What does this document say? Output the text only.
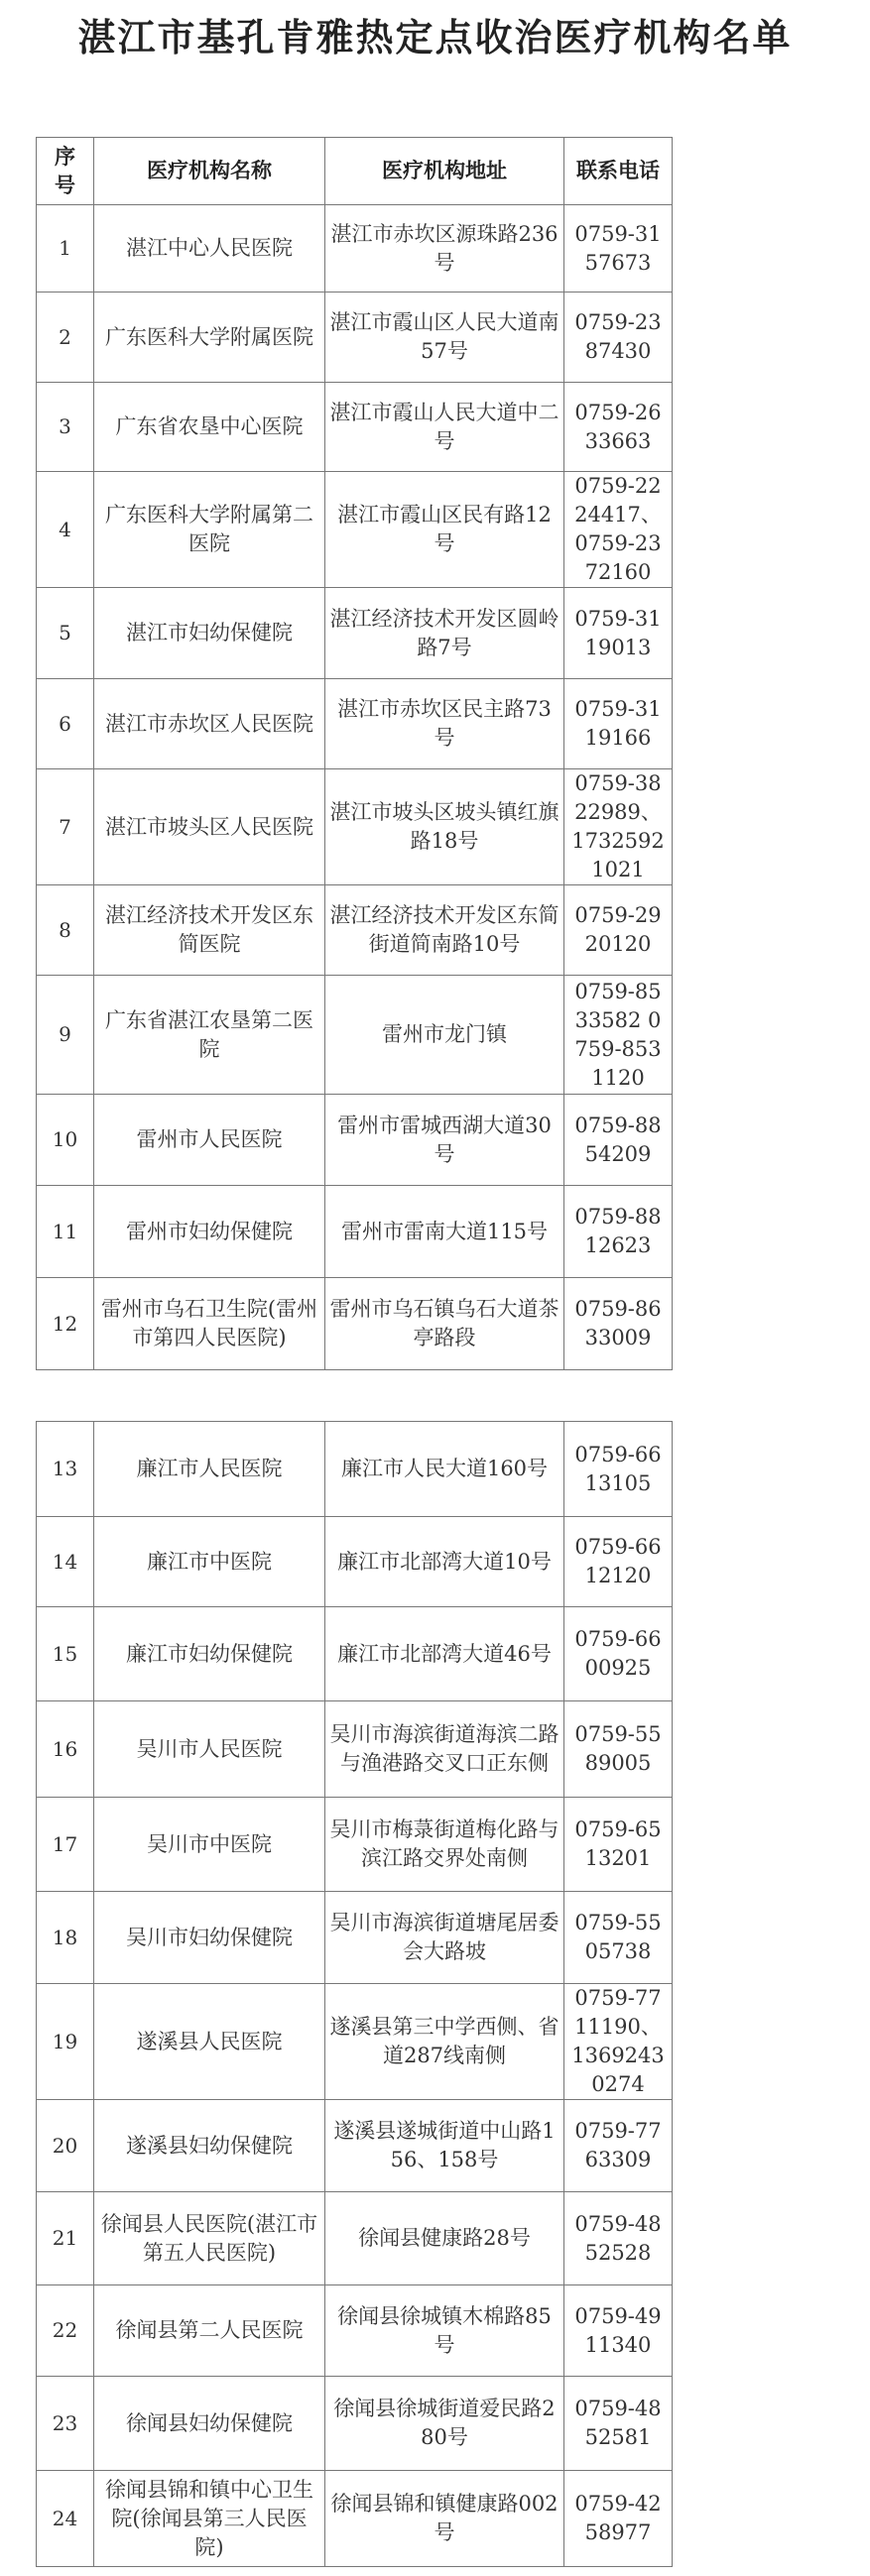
湛江市基孔肯雅热定点收治医疗机构名单
序号	医疗机构名称	医疗机构地址	联系电话
1	湛江中心人民医院	湛江市赤坎区源珠路236号	0759-3157673
2	广东医科大学附属医院	湛江市霞山区人民大道南57号	0759-2387430
3	广东省农垦中心医院	湛江市霞山人民大道中二号	0759-2633663
4	广东医科大学附属第二医院	湛江市霞山区民有路12号	0759-2224417、0759-2372160
5	湛江市妇幼保健院	湛江经济技术开发区圆岭路7号	0759-3119013
6	湛江市赤坎区人民医院	湛江市赤坎区民主路73号	0759-3119166
7	湛江市坡头区人民医院	湛江市坡头区坡头镇红旗路18号	0759-3822989、17325921021
8	湛江经济技术开发区东简医院	湛江经济技术开发区东简街道简南路10号	0759-2920120
9	广东省湛江农垦第二医院	雷州市龙门镇	0759-8533582 0759-8531120
10	雷州市人民医院	雷州市雷城西湖大道30号	0759-8854209
11	雷州市妇幼保健院	雷州市雷南大道115号	0759-8812623
12	雷州市乌石卫生院(雷州市第四人民医院)	雷州市乌石镇乌石大道茶亭路段	0759-8633009
13	廉江市人民医院	廉江市人民大道160号	0759-6613105
14	廉江市中医院	廉江市北部湾大道10号	0759-6612120
15	廉江市妇幼保健院	廉江市北部湾大道46号	0759-6600925
16	吴川市人民医院	吴川市海滨街道海滨二路与渔港路交叉口正东侧	0759-5589005
17	吴川市中医院	吴川市梅菉街道梅化路与滨江路交界处南侧	0759-6513201
18	吴川市妇幼保健院	吴川市海滨街道塘尾居委会大路坡	0759-5505738
19	遂溪县人民医院	遂溪县第三中学西侧、省道287线南侧	0759-7711190、13692430274
20	遂溪县妇幼保健院	遂溪县遂城街道中山路156、158号	0759-7763309
21	徐闻县人民医院(湛江市第五人民医院)	徐闻县健康路28号	0759-4852528
22	徐闻县第二人民医院	徐闻县徐城镇木棉路85号	0759-4911340
23	徐闻县妇幼保健院	徐闻县徐城街道爱民路280号	0759-4852581
24	徐闻县锦和镇中心卫生院(徐闻县第三人民医院)	徐闻县锦和镇健康路002号	0759-4258977
